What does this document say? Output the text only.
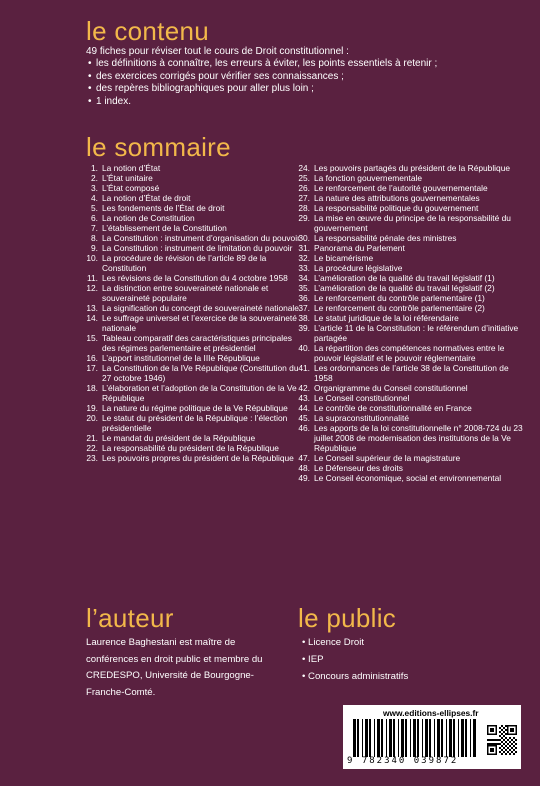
le contenu
49 fiches pour réviser tout le cours de Droit constitutionnel :
• les définitions à connaître, les erreurs à éviter, les points essentiels à retenir ;
• des exercices corrigés pour vérifier ses connaissances ;
• des repères bibliographiques pour aller plus loin ;
• 1 index.
le sommaire
1. La notion d’État
2. L’État unitaire
3. L’État composé
4. La notion d’État de droit
5. Les fondements de l’État de droit
6. La notion de Constitution
7. L’établissement de la Constitution
8. La Constitution : instrument d’organisation du pouvoir
9. La Constitution : instrument de limitation du pouvoir
10. La procédure de révision de l’article 89 de la Constitution
11. Les révisions de la Constitution du 4 octobre 1958
12. La distinction entre souveraineté nationale et souveraineté populaire
13. La signification du concept de souveraineté nationale
14. Le suffrage universel et l’exercice de la souveraineté nationale
15. Tableau comparatif des caractéristiques principales des régimes parlementaire et présidentiel
16. L’apport institutionnel de la IIIe République
17. La Constitution de la IVe République (Constitution du 27 octobre 1946)
18. L’élaboration et l’adoption de la Constitution de la Ve République
19. La nature du régime politique de la Ve République
20. Le statut du président de la République : l’élection présidentielle
21. Le mandat du président de la République
22. La responsabilité du président de la République
23. Les pouvoirs propres du président de la République
24. Les pouvoirs partagés du président de la République
25. La fonction gouvernementale
26. Le renforcement de l’autorité gouvernementale
27. La nature des attributions gouvernementales
28. La responsabilité politique du gouvernement
29. La mise en œuvre du principe de la responsabilité du gouvernement
30. La responsabilité pénale des ministres
31. Panorama du Parlement
32. Le bicamérisme
33. La procédure législative
34. L’amélioration de la qualité du travail législatif (1)
35. L’amélioration de la qualité du travail législatif (2)
36. Le renforcement du contrôle parlementaire (1)
37. Le renforcement du contrôle parlementaire (2)
38. Le statut juridique de la loi référendaire
39. L’article 11 de la Constitution : le référendum d’initiative partagée
40. La répartition des compétences normatives entre le pouvoir législatif et le pouvoir réglementaire
41. Les ordonnances de l’article 38 de la Constitution de 1958
42. Organigramme du Conseil constitutionnel
43. Le Conseil constitutionnel
44. Le contrôle de constitutionnalité en France
45. La supraconstitutionnalité
46. Les apports de la loi constitutionnelle n° 2008-724 du 23 juillet 2008 de modernisation des institutions de la Ve République
47. Le Conseil supérieur de la magistrature
48. Le Défenseur des droits
49. Le Conseil économique, social et environnemental
l’auteur
Laurence Baghestani est maître de conférences en droit public et membre du CREDESPO, Université de Bourgogne-Franche-Comté.
le public
• Licence Droit
• IEP
• Concours administratifs
www.editions-ellipses.fr
9 782340 039872
